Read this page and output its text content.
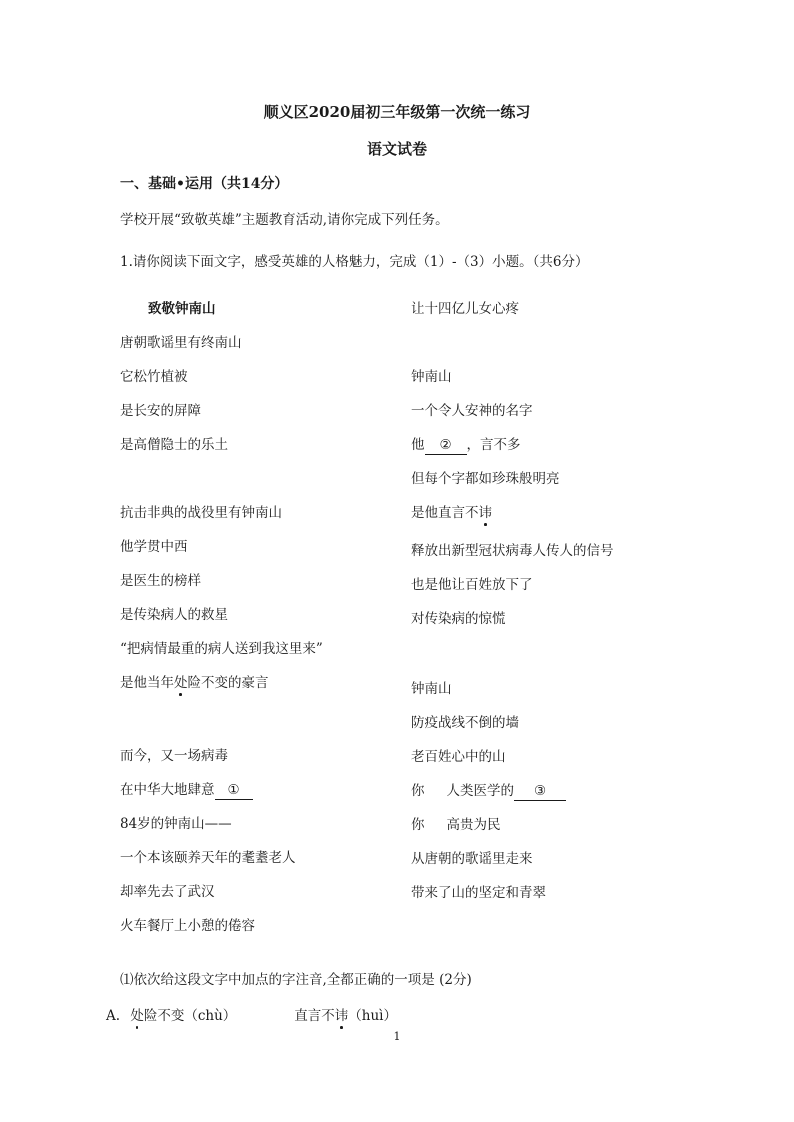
顺义区2020届初三年级第一次统一练习
语文试卷
一、基础•运用（共14分）
学校开展“致敬英雄”主题教育活动,请你完成下列任务。
1.请你阅读下面文字，感受英雄的人格魅力，完成（1）-（3）小题。（共6分）
致敬钟南山
唐朝歌谣里有终南山
它松竹植被
是长安的屏障
是高僧隐士的乐土
抗击非典的战役里有钟南山
他学贯中西
是医生的榜样
是传染病人的救星
“把病情最重的病人送到我这里来”
是他当年处险不变的豪言
而今，又一场病毒
在中华大地肆意 ①
84岁的钟南山——
一个本该颐养天年的耄耋老人
却率先去了武汉
火车餐厅上小憩的倦容
让十四亿儿女心疼
钟南山
一个令人安神的名字
他 ② ，言不多
但每个字都如珍珠般明亮
是他直言不讳
释放出新型冠状病毒人传人的信号
也是他让百姓放下了
对传染病的惊慌
钟南山
防疫战线不倒的墙
老百姓心中的山
你 人类医学的 ③
你 高贵为民
从唐朝的歌谣里走来
带来了山的坚定和青翠
⑴依次给这段文字中加点的字注音,全都正确的一项是 (2分)
A. 处险不变（chù）	直言不讳（huì）
1
